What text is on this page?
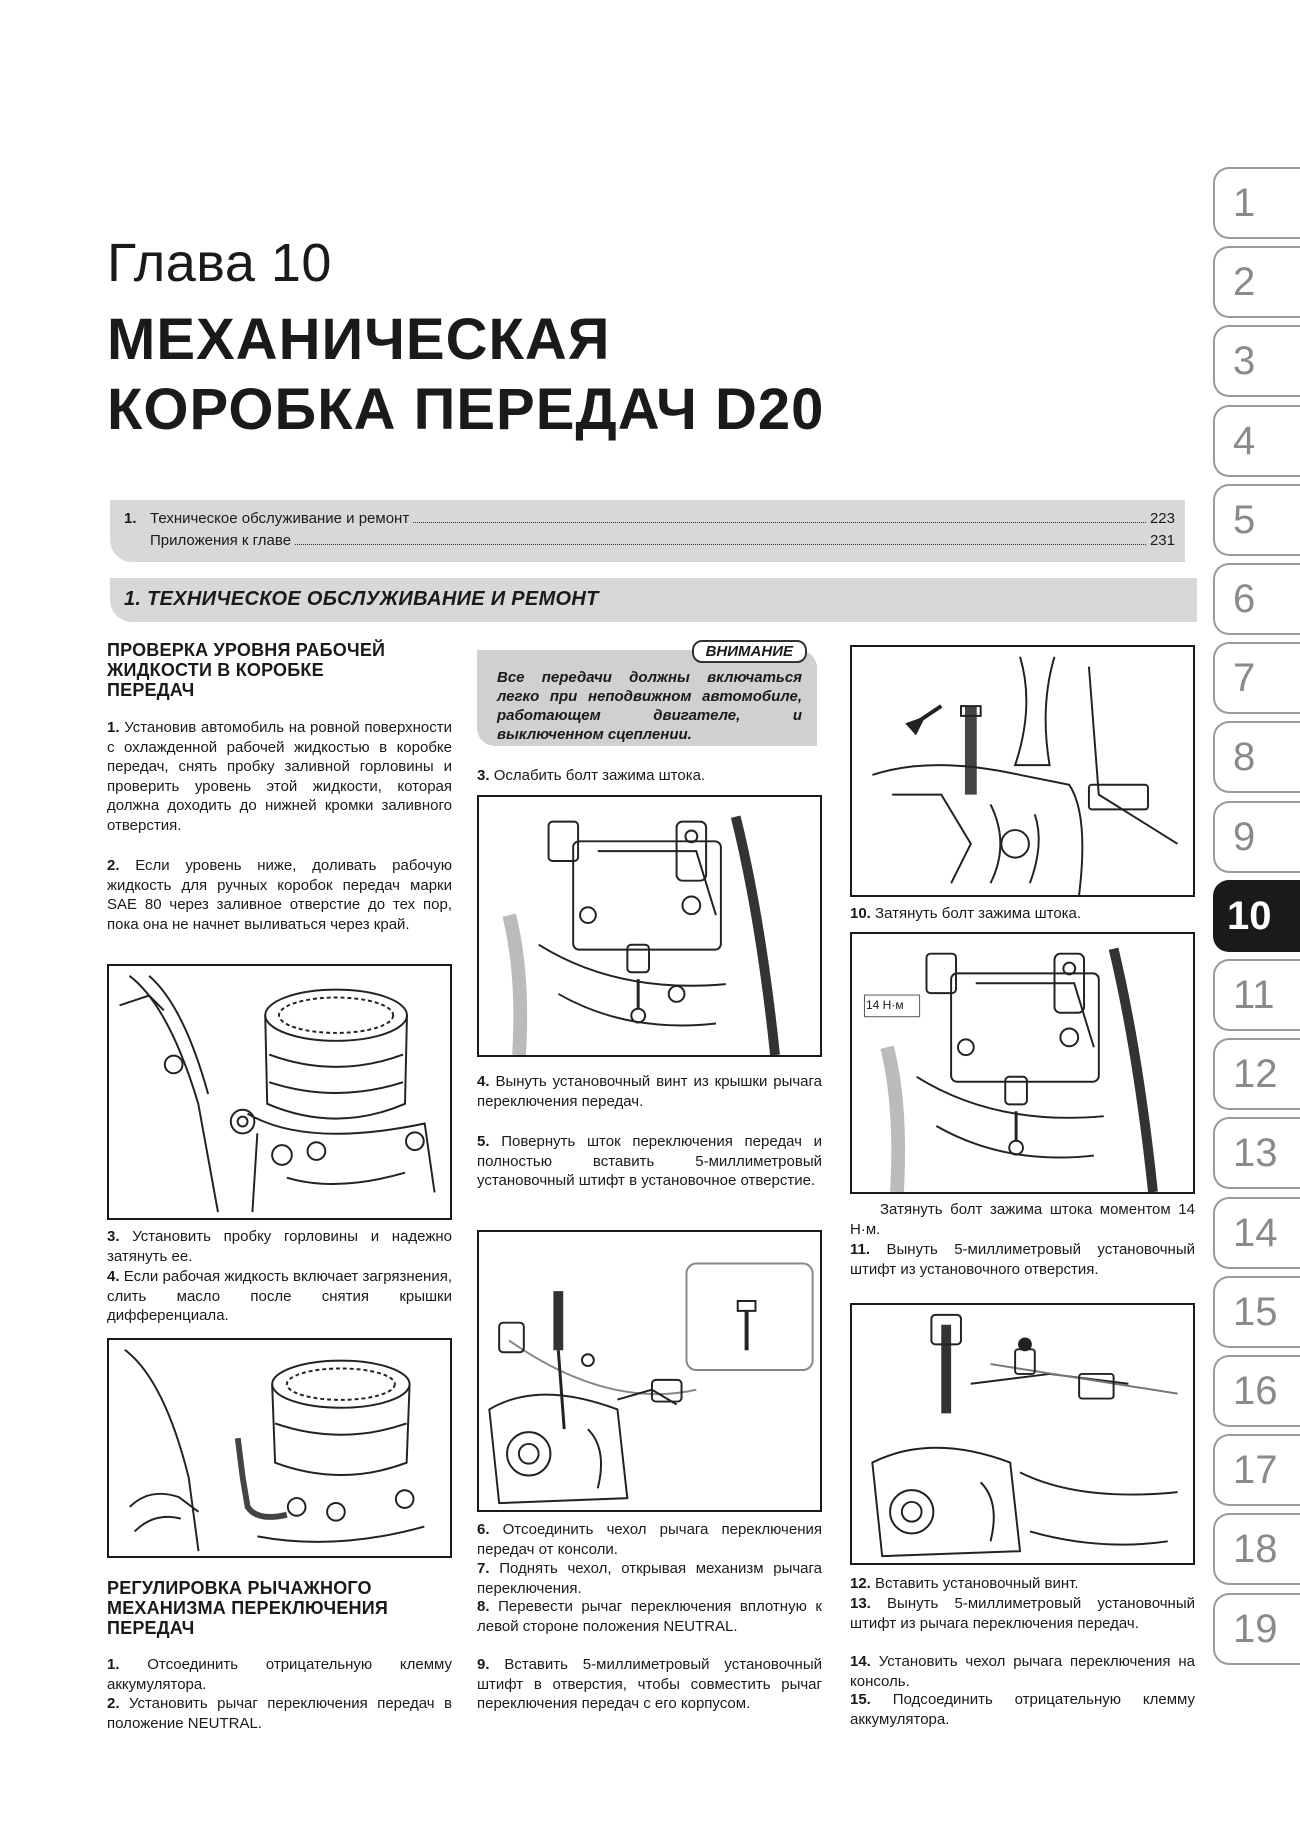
Глава 10
МЕХАНИЧЕСКАЯ
КОРОБКА ПЕРЕДАЧ D20
1. Техническое обслуживание и ремонт	223
Приложения к главе	231
1. ТЕХНИЧЕСКОЕ ОБСЛУЖИВАНИЕ И РЕМОНТ
1
2
3
4
5
6
7
8
9
10
11
12
13
14
15
16
17
18
19
ПРОВЕРКА УРОВНЯ РАБОЧЕЙ
ЖИДКОСТИ В КОРОБКЕ
ПЕРЕДАЧ
1. Установив автомобиль на ровной поверхности с охлажденной рабочей жидкостью в коробке передач, снять пробку заливной горловины и проверить уровень этой жидкости, которая должна доходить до нижней кромки заливного отверстия.
2. Если уровень ниже, доливать рабочую жидкость для ручных коробок передач марки SAE 80 через заливное отверстие до тех пор, пока она не начнет выливаться через край.
3. Установить пробку горловины и надежно затянуть ее.
4. Если рабочая жидкость включает загрязнения, слить масло после снятия крышки дифференциала.
РЕГУЛИРОВКА РЫЧАЖНОГО
МЕХАНИЗМА ПЕРЕКЛЮЧЕНИЯ
ПЕРЕДАЧ
1. Отсоединить отрицательную клемму аккумулятора.
2. Установить рычаг переключения передач в положение NEUTRAL.
ВНИМАНИЕ
Все передачи должны включаться легко при неподвижном автомобиле, работающем двигателе, и выключенном сцеплении.
3. Ослабить болт зажима штока.
4. Вынуть установочный винт из крышки рычага переключения передач.
5. Повернуть шток переключения передач и полностью вставить 5-миллиметровый установочный штифт в установочное отверстие.
6. Отсоединить чехол рычага переключения передач от консоли.
7. Поднять чехол, открывая механизм рычага переключения.
8. Перевести рычаг переключения вплотную к левой стороне положения NEUTRAL.
9. Вставить 5-миллиметровый установочный штифт в отверстия, чтобы совместить рычаг переключения передач с его корпусом.
10. Затянуть болт зажима штока.
14 Н·м
Затянуть болт зажима штока моментом 14 Н·м.
11. Вынуть 5-миллиметровый установочный штифт из установочного отверстия.
12. Вставить установочный винт.
13. Вынуть 5-миллиметровый установочный штифт из рычага переключения передач.
14. Установить чехол рычага переключения на консоль.
15. Подсоединить отрицательную клемму аккумулятора.
